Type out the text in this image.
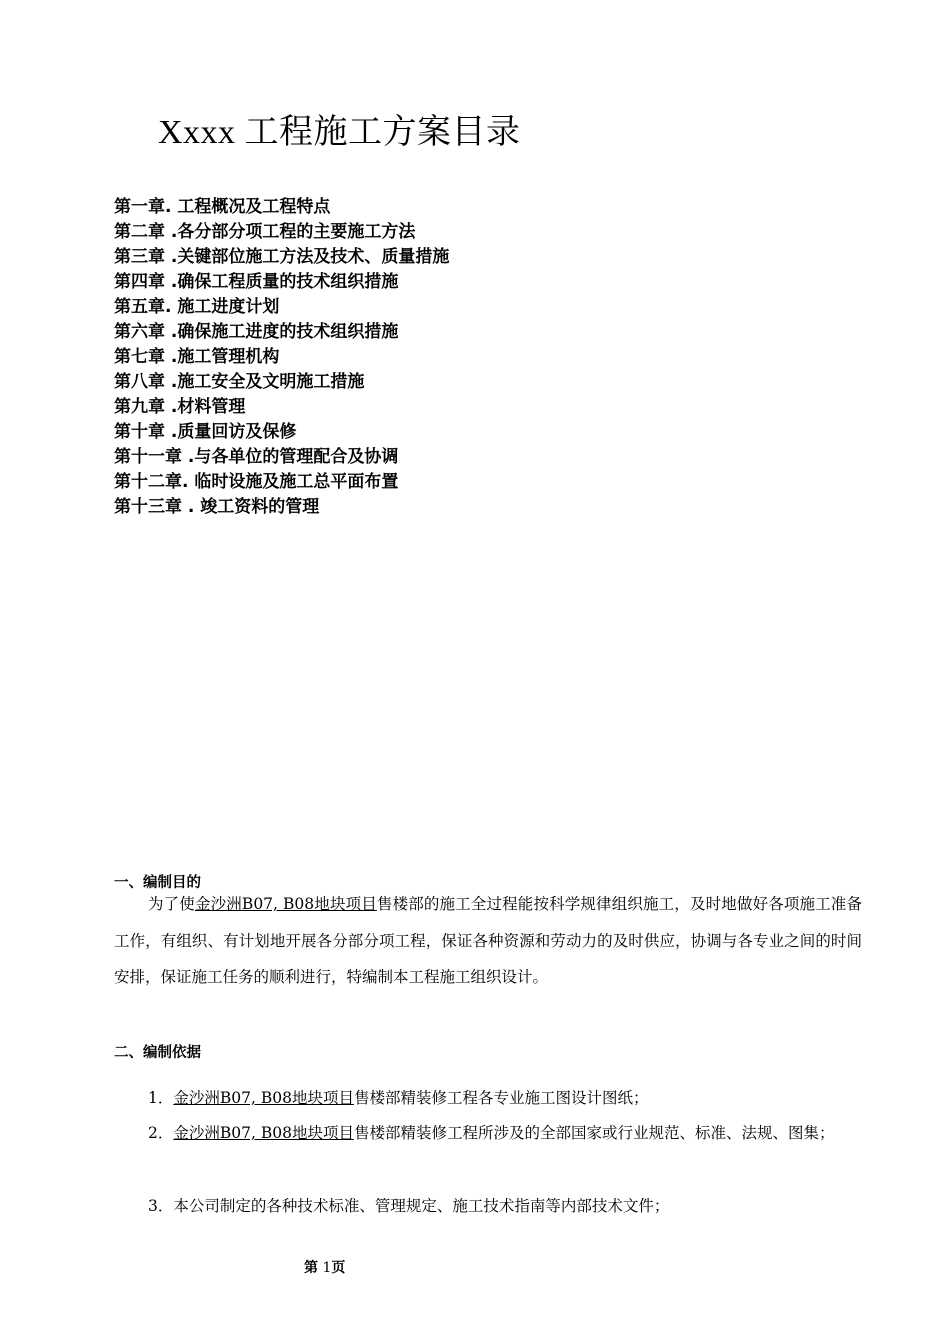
Xxxx 工程施工方案目录
第一章. 工程概况及工程特点
第二章 .各分部分项工程的主要施工方法
第三章 .关键部位施工方法及技术、质量措施
第四章 .确保工程质量的技术组织措施
第五章. 施工进度计划
第六章 .确保施工进度的技术组织措施
第七章 .施工管理机构
第八章 .施工安全及文明施工措施
第九章 .材料管理
第十章 .质量回访及保修
第十一章 .与各单位的管理配合及协调
第十二章. 临时设施及施工总平面布置
第十三章 . 竣工资料的管理
一、编制目的
为了使金沙洲B07, B08地块项目售楼部的施工全过程能按科学规律组织施工，及时地做好各项施工准备工作，有组织、有计划地开展各分部分项工程，保证各种资源和劳动力的及时供应，协调与各专业之间的时间安排，保证施工任务的顺利进行，特编制本工程施工组织设计。
二、编制依据
1．金沙洲B07, B08地块项目售楼部精装修工程各专业施工图设计图纸；
2．金沙洲B07, B08地块项目售楼部精装修工程所涉及的全部国家或行业规范、标准、法规、图集；
3．本公司制定的各种技术标准、管理规定、施工技术指南等内部技术文件；
第 1页
